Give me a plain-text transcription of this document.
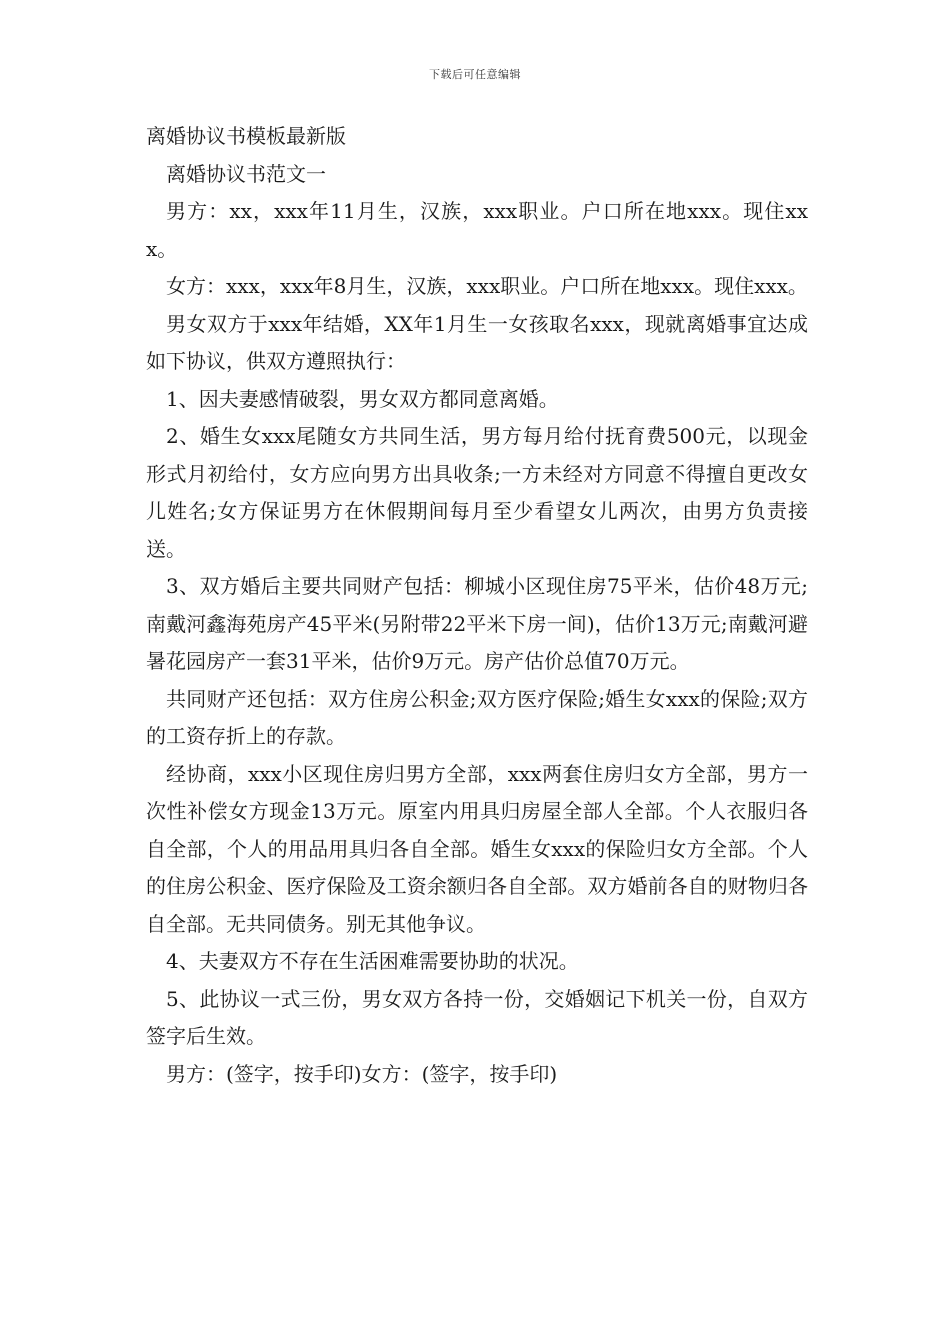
下载后可任意编辑

离婚协议书模板最新版

离婚协议书范文一

男方：xx，xxx年11月生，汉族，xxx职业。户口所在地xxx。现住xxx。

女方：xxx，xxx年8月生，汉族，xxx职业。户口所在地xxx。现住xxx。

男女双方于xxx年结婚，XX年1月生一女孩取名xxx，现就离婚事宜达成如下协议，供双方遵照执行：

1、因夫妻感情破裂，男女双方都同意离婚。

2、婚生女xxx尾随女方共同生活，男方每月给付抚育费500元，以现金形式月初给付，女方应向男方出具收条;一方未经对方同意不得擅自更改女儿姓名;女方保证男方在休假期间每月至少看望女儿两次，由男方负责接送。

3、双方婚后主要共同财产包括：柳城小区现住房75平米，估价48万元;南戴河鑫海苑房产45平米(另附带22平米下房一间)，估价13万元;南戴河避暑花园房产一套31平米，估价9万元。房产估价总值70万元。

共同财产还包括：双方住房公积金;双方医疗保险;婚生女xxx的保险;双方的工资存折上的存款。

经协商，xxx小区现住房归男方全部，xxx两套住房归女方全部，男方一次性补偿女方现金13万元。原室内用具归房屋全部人全部。个人衣服归各自全部，个人的用品用具归各自全部。婚生女xxx的保险归女方全部。个人的住房公积金、医疗保险及工资余额归各自全部。双方婚前各自的财物归各自全部。无共同债务。别无其他争议。

4、夫妻双方不存在生活困难需要协助的状况。

5、此协议一式三份，男女双方各持一份，交婚姻记下机关一份，自双方签字后生效。

男方：(签字，按手印)女方：(签字，按手印)
